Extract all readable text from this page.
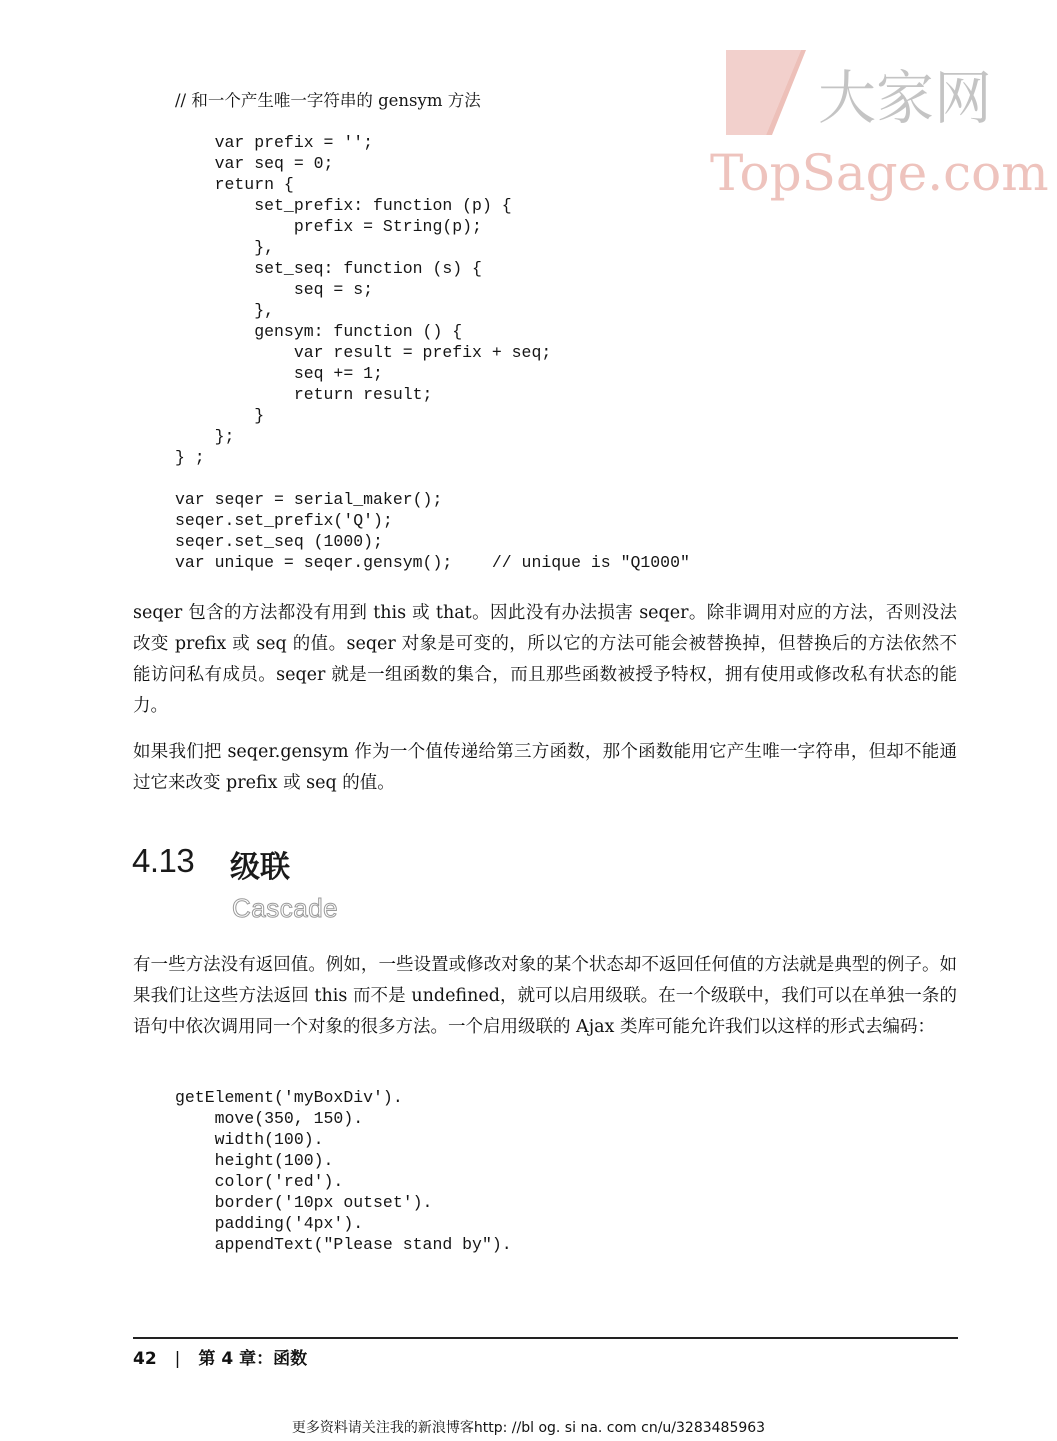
大家网
TopSage.com
// 和一个产生唯一字符串的 gensym 方法
var prefix = '';
var seq = 0;
return {
set_prefix: function (p) {
prefix = String(p);
},
set_seq: function (s) {
seq = s;
},
gensym: function () {
var result = prefix + seq;
seq += 1;
return result;
}
};
} ;

var seqer = serial_maker();
seqer.set_prefix('Q');
seqer.set_seq (1000);
var unique = seqer.gensym();    // unique is "Q1000"
seqer 包含的方法都没有用到 this 或 that。因此没有办法损害 seqer。除非调用对应的方法，否则没法改变 prefix 或 seq 的值。seqer 对象是可变的，所以它的方法可能会被替换掉，但替换后的方法依然不能访问私有成员。seqer 就是一组函数的集合，而且那些函数被授予特权，拥有使用或修改私有状态的能力。
如果我们把 seqer.gensym 作为一个值传递给第三方函数，那个函数能用它产生唯一字符串，但却不能通过它来改变 prefix 或 seq 的值。
4.13 级联
Cascade
有一些方法没有返回值。例如，一些设置或修改对象的某个状态却不返回任何值的方法就是典型的例子。如果我们让这些方法返回 this 而不是 undefined，就可以启用级联。在一个级联中，我们可以在单独一条的语句中依次调用同一个对象的很多方法。一个启用级联的 Ajax 类库可能允许我们以这样的形式去编码：
getElement('myBoxDiv').
move(350, 150).
width(100).
height(100).
color('red').
border('10px outset').
padding('4px').
appendText("Please stand by").
42 | 第 4 章：函数
更多资料请关注我的新浪博客http: //bl og. si na. com cn/u/3283485963
